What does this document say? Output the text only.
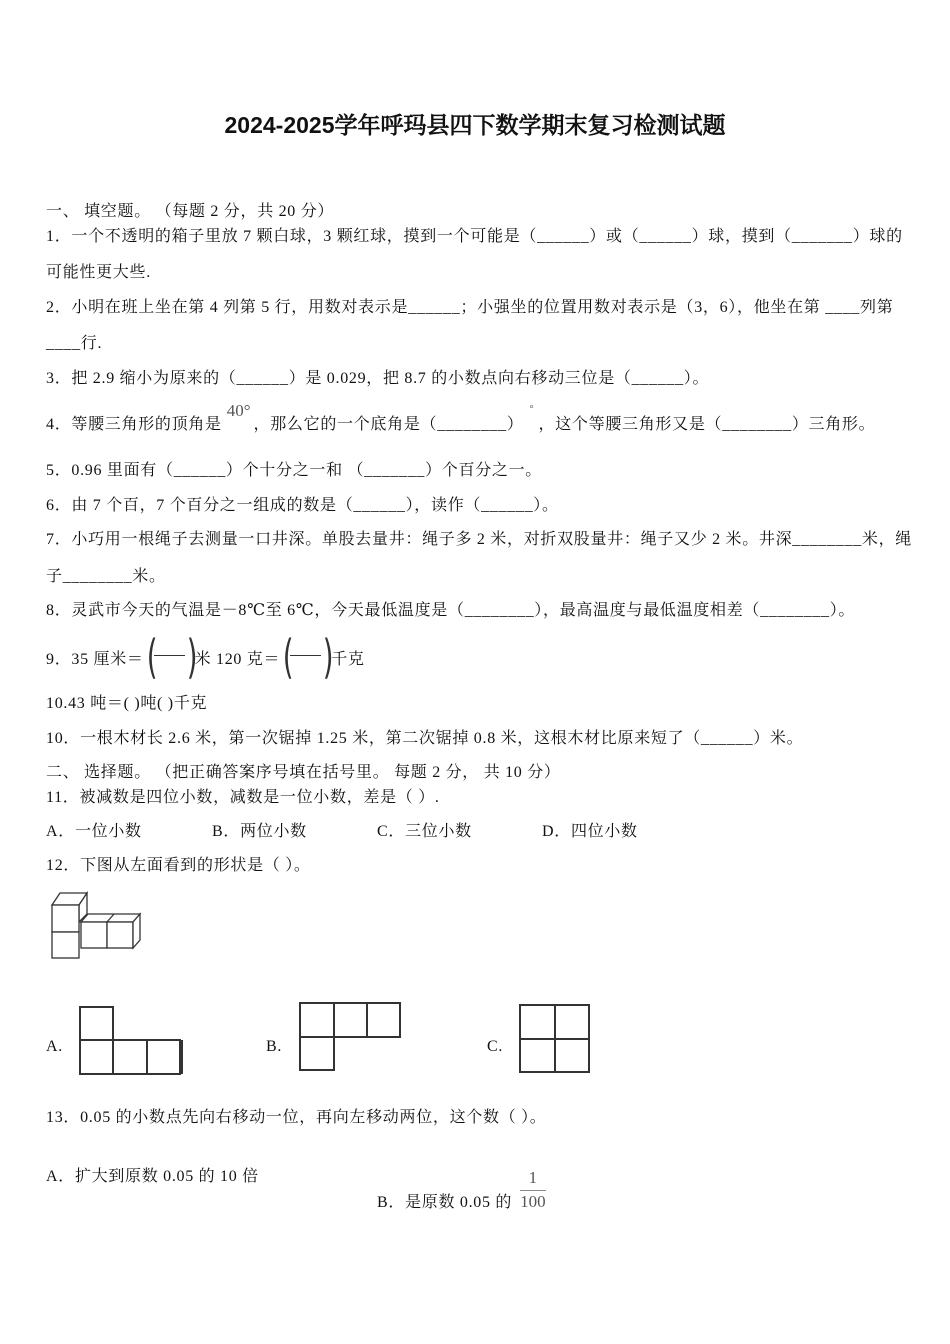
2024-2025学年呼玛县四下数学期末复习检测试题
一、 填空题。 （每题 2 分，共 20 分）
1．一个不透明的箱子里放 7 颗白球，3 颗红球，摸到一个可能是（______）或（______）球，摸到（_______）球的
可能性更大些.
2．小明在班上坐在第 4 列第 5 行，用数对表示是______；小强坐的位置用数对表示是（3，6），他坐在第 ____列第
____行.
3．把 2.9 缩小为原来的（______）是 0.029，把 8.7 的小数点向右移动三位是（______）。
4．等腰三角形的顶角是40°，那么它的一个底角是（________）°，这个等腰三角形又是（________）三角形。
5．0.96 里面有（______）个十分之一和 （_______）个百分之一。
6．由 7 个百，7 个百分之一组成的数是（______），读作（______）。
7．小巧用一根绳子去测量一口井深。单股去量井：绳子多 2 米，对折双股量井：绳子又少 2 米。井深________米，绳
子________米。
8．灵武市今天的气温是－8℃至 6℃，今天最低温度是（________），最高温度与最低温度相差（________）。
9．35 厘米＝ ( )
米 120 克＝ ( )
千克
10.43 吨＝( )吨( )千克
10．一根木材长 2.6 米，第一次锯掉 1.25 米，第二次锯掉 0.8 米，这根木材比原来短了（______）米。
二、 选择题。 （把正确答案序号填在括号里。 每题 2 分， 共 10 分）
11．被减数是四位小数，减数是一位小数，差是（ ）.
A．一位小数	B．两位小数	C．三位小数	D．四位小数
12．下图从左面看到的形状是（ ）。
A.	B.	C.
13．0.05 的小数点先向右移动一位，再向左移动两位，这个数（ ）。
A．扩大到原数 0.05 的 10 倍
B．是原数 0.05 的 $\frac{1}{100}$
